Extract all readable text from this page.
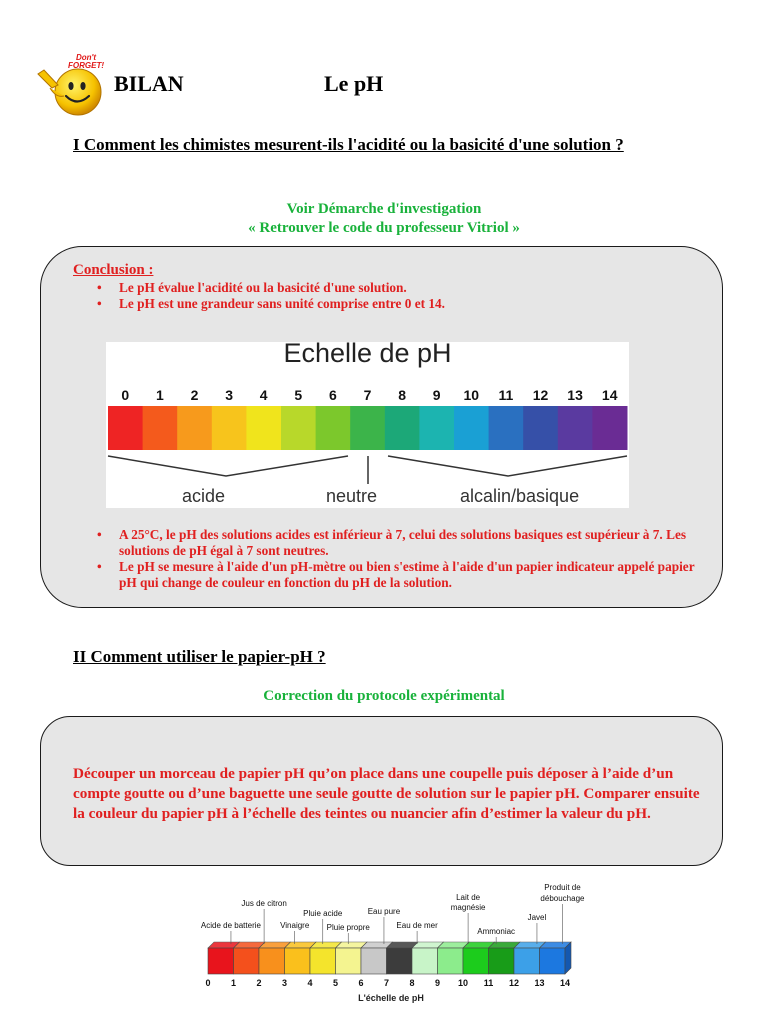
Don't
FORGET!
BILAN	Le pH
I Comment les chimistes mesurent-ils l'acidité ou la basicité d'une solution ?
Voir Démarche d'investigation
« Retrouver le code du professeur Vitriol »
Conclusion :
• Le pH évalue l'acidité ou la basicité d'une solution.
• Le pH est une grandeur sans unité comprise entre 0 et 14.
Echelle de pH
0 1 2 3 4 5 6 7 8 9 10 11 12 13 14
acide	neutre	alcalin/basique
• A 25°C, le pH des solutions acides est inférieur à 7, celui des solutions basiques est supérieur à 7. Les solutions de pH égal à 7 sont neutres.
• Le pH se mesure à l'aide d'un pH-mètre ou bien s'estime à l'aide d'un papier indicateur appelé papier pH qui change de couleur en fonction du pH de la solution.
II Comment utiliser le papier-pH ?
Correction du protocole expérimental
Découper un morceau de papier pH qu’on place dans une coupelle puis déposer à l’aide d’un compte goutte ou d’une baguette une seule goutte de solution sur le papier pH. Comparer ensuite la couleur du papier pH à l’échelle des teintes ou nuancier afin d’estimer la valeur du pH.
0 1 2 3 4 5 6 7 8 9 10 11 12 13 14
Acide de batterie
Jus de citron
Vinaigre
Pluie acide
Pluie propre
Eau pure
Eau de mer
Lait de
magnésie
Ammoniac
Javel
Produit de
débouchage
L'échelle de pH
